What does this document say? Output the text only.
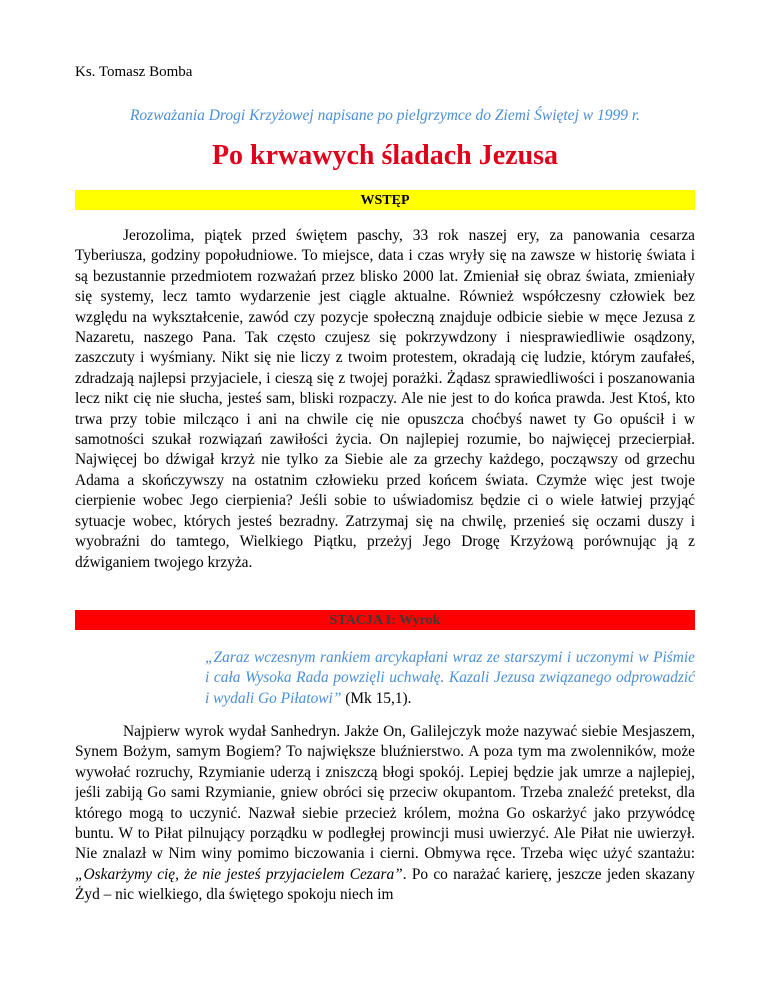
Ks. Tomasz Bomba
Rozważania Drogi Krzyżowej napisane po pielgrzymce do Ziemi Świętej w 1999 r.
Po krwawych śladach Jezusa
WSTĘP

Jerozolima, piątek przed świętem paschy, 33 rok naszej ery, za panowania cesarza Tyberiusza, godziny popołudniowe. To miejsce, data i czas wryły się na zawsze w historię świata i są bezustannie przedmiotem rozważań przez blisko 2000 lat. Zmieniał się obraz świata, zmieniały się systemy, lecz tamto wydarzenie jest ciągle aktualne. Również współczesny człowiek bez względu na wykształcenie, zawód czy pozycje społeczną znajduje odbicie siebie w męce Jezusa z Nazaretu, naszego Pana. Tak często czujesz się pokrzywdzony i niesprawiedliwie osądzony, zaszczuty i wyśmiany. Nikt się nie liczy z twoim protestem, okradają cię ludzie, którym zaufałeś, zdradzają najlepsi przyjaciele, i cieszą się z twojej porażki. Żądasz sprawiedliwości i poszanowania lecz nikt cię nie słucha, jesteś sam, bliski rozpaczy. Ale nie jest to do końca prawda. Jest Ktoś, kto trwa przy tobie milcząco i ani na chwile cię nie opuszcza choćbyś nawet ty Go opuścił i w samotności szukał rozwiązań zawiłości życia. On najlepiej rozumie, bo najwięcej przecierpiał. Najwięcej bo dźwigał krzyż nie tylko za Siebie ale za grzechy każdego, począwszy od grzechu Adama a skończywszy na ostatnim człowieku przed końcem świata. Czymże więc jest twoje cierpienie wobec Jego cierpienia? Jeśli sobie to uświadomisz będzie ci o wiele łatwiej przyjąć sytuacje wobec, których jesteś bezradny. Zatrzymaj się na chwilę, przenieś się oczami duszy i wyobraźni do tamtego, Wielkiego Piątku, przeżyj Jego Drogę Krzyżową porównując ją z dźwiganiem twojego krzyża.

STACJA I: Wyrok

„Zaraz wczesnym rankiem arcykapłani wraz ze starszymi i uczonymi w Piśmie i cała Wysoka Rada powzięli uchwałę. Kazali Jezusa związanego odprowadzić i wydali Go Piłatowi” (Mk 15,1).

Najpierw wyrok wydał Sanhedryn. Jakże On, Galilejczyk może nazywać siebie Mesjaszem, Synem Bożym, samym Bogiem? To największe bluźnierstwo. A poza tym ma zwolenników, może wywołać rozruchy, Rzymianie uderzą i zniszczą błogi spokój. Lepiej będzie jak umrze a najlepiej, jeśli zabiją Go sami Rzymianie, gniew obróci się przeciw okupantom. Trzeba znaleźć pretekst, dla którego mogą to uczynić. Nazwał siebie przecież królem, można Go oskarżyć jako przywódcę buntu. W to Piłat pilnujący porządku w podległej prowincji musi uwierzyć. Ale Piłat nie uwierzył. Nie znalazł w Nim winy pomimo biczowania i cierni. Obmywa ręce. Trzeba więc użyć szantażu: „Oskarżymy cię, że nie jesteś przyjacielem Cezara”. Po co narażać karierę, jeszcze jeden skazany Żyd – nic wielkiego, dla świętego spokoju niech im
